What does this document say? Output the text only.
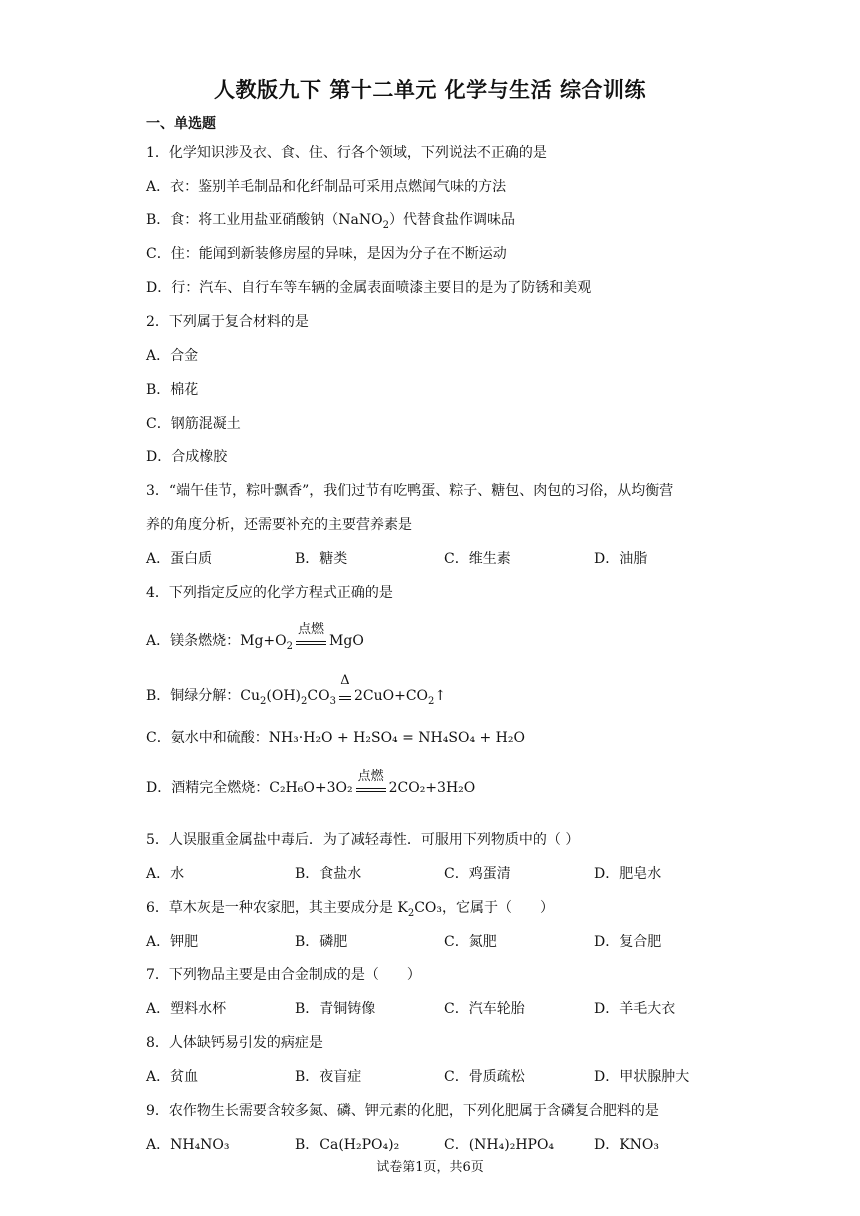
人教版九下 第十二单元 化学与生活 综合训练
一、单选题
1．化学知识涉及衣、食、住、行各个领域，下列说法不正确的是
A．衣：鉴别羊毛制品和化纤制品可采用点燃闻气味的方法
B．食：将工业用盐亚硝酸钠（NaNO$_2$）代替食盐作调味品
C．住：能闻到新装修房屋的异味，是因为分子在不断运动
D．行：汽车、自行车等车辆的金属表面喷漆主要目的是为了防锈和美观
2．下列属于复合材料的是
A．合金
B．棉花
C．钢筋混凝土
D．合成橡胶
3．“端午佳节，粽叶飘香”，我们过节有吃鸭蛋、粽子、糖包、肉包的习俗，从均衡营
养的角度分析，还需要补充的主要营养素是
A．蛋白质	B．糖类	C．维生素	D．油脂
4．下列指定反应的化学方程式正确的是
A．镁条燃烧：$Mg+O_2$
点燃
MgO
B．铜绿分解：$Cu_2(OH)_2CO_3$
Δ
$2CuO+CO_2↑$
C．氨水中和硫酸：NH₃·H₂O + H₂SO₄ = NH₄SO₄ + H₂O
D．酒精完全燃烧：C₂H₆O+3O₂
点燃
2CO₂+3H₂O
5．人误服重金属盐中毒后．为了减轻毒性．可服用下列物质中的（ ）
A．水	B．食盐水	C．鸡蛋清	D．肥皂水
6．草木灰是一种农家肥，其主要成分是 $K_2CO_3$，它属于（　　）
A．钾肥	B．磷肥	C．氮肥	D．复合肥
7．下列物品主要是由合金制成的是（　　）
A．塑料水杯	B．青铜铸像	C．汽车轮胎	D．羊毛大衣
8．人体缺钙易引发的病症是
A．贫血	B．夜盲症	C．骨质疏松	D．甲状腺肿大
9．农作物生长需要含较多氮、磷、钾元素的化肥，下列化肥属于含磷复合肥料的是
A．NH₄NO₃	B．Ca(H₂PO₄)₂	C．(NH₄)₂HPO₄	D．KNO₃
试卷第1页，共6页
